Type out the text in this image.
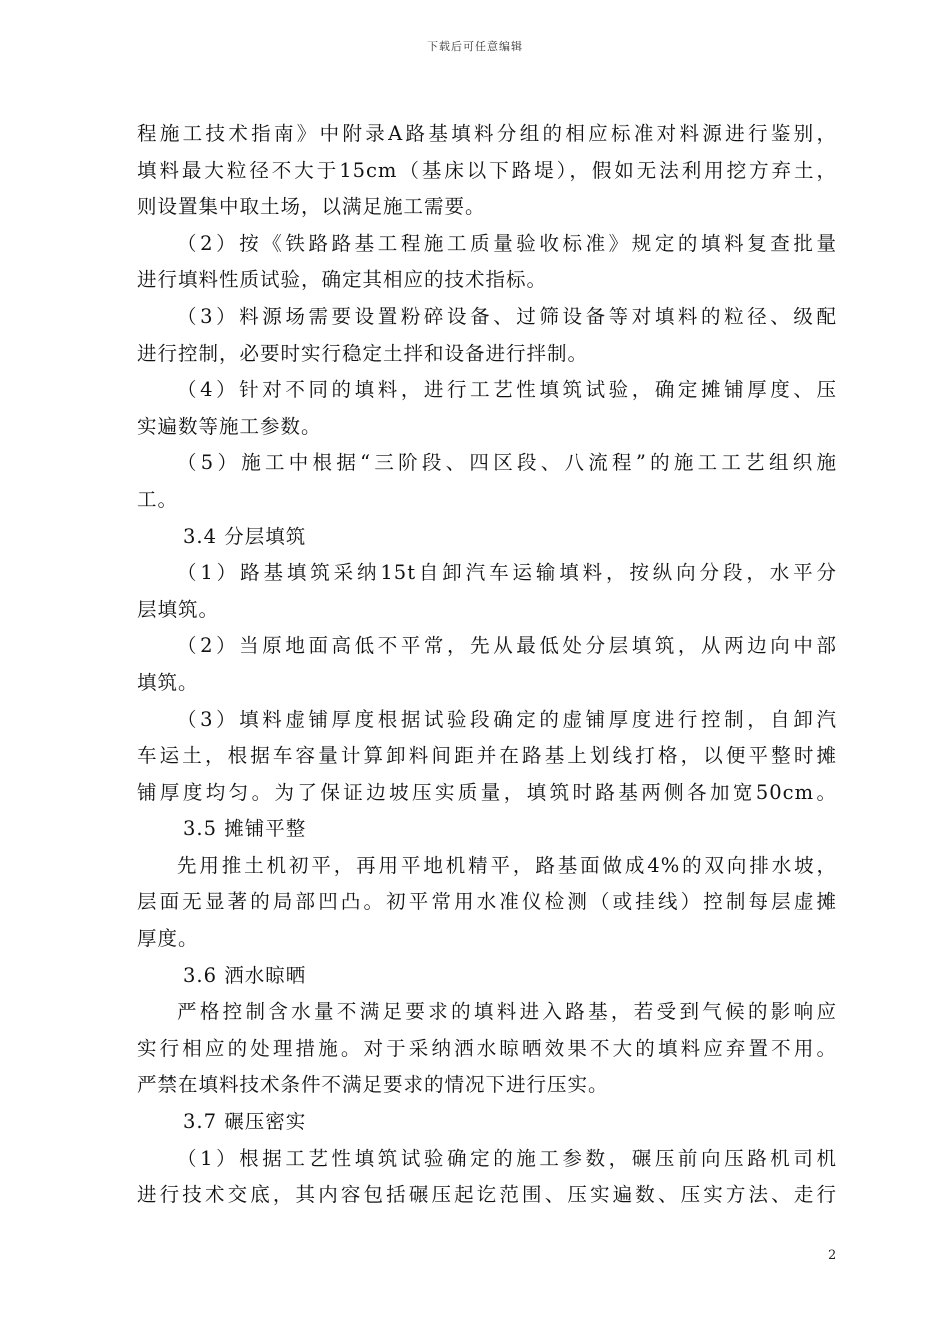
下载后可任意编辑
程施工技术指南》中附录A路基填料分组的相应标准对料源进行鉴别，
填料最大粒径不大于15cm（基床以下路堤），假如无法利用挖方弃土，
则设置集中取土场，以满足施工需要。
（2）按《铁路路基工程施工质量验收标准》规定的填料复查批量
进行填料性质试验，确定其相应的技术指标。
（3）料源场需要设置粉碎设备、过筛设备等对填料的粒径、级配
进行控制，必要时实行稳定土拌和设备进行拌制。
（4）针对不同的填料，进行工艺性填筑试验，确定摊铺厚度、压
实遍数等施工参数。
（5）施工中根据“三阶段、四区段、八流程”的施工工艺组织施
工。
3.4 分层填筑
（1）路基填筑采纳15t自卸汽车运输填料，按纵向分段，水平分
层填筑。
（2）当原地面高低不平常，先从最低处分层填筑，从两边向中部
填筑。
（3）填料虚铺厚度根据试验段确定的虚铺厚度进行控制，自卸汽
车运土，根据车容量计算卸料间距并在路基上划线打格，以便平整时摊
铺厚度均匀。为了保证边坡压实质量，填筑时路基两侧各加宽50cm。
3.5 摊铺平整
先用推土机初平，再用平地机精平，路基面做成4%的双向排水坡，
层面无显著的局部凹凸。初平常用水准仪检测（或挂线）控制每层虚摊
厚度。
3.6 洒水晾晒
严格控制含水量不满足要求的填料进入路基，若受到气候的影响应
实行相应的处理措施。对于采纳洒水晾晒效果不大的填料应弃置不用。
严禁在填料技术条件不满足要求的情况下进行压实。
3.7 碾压密实
（1）根据工艺性填筑试验确定的施工参数，碾压前向压路机司机
进行技术交底，其内容包括碾压起讫范围、压实遍数、压实方法、走行
2
